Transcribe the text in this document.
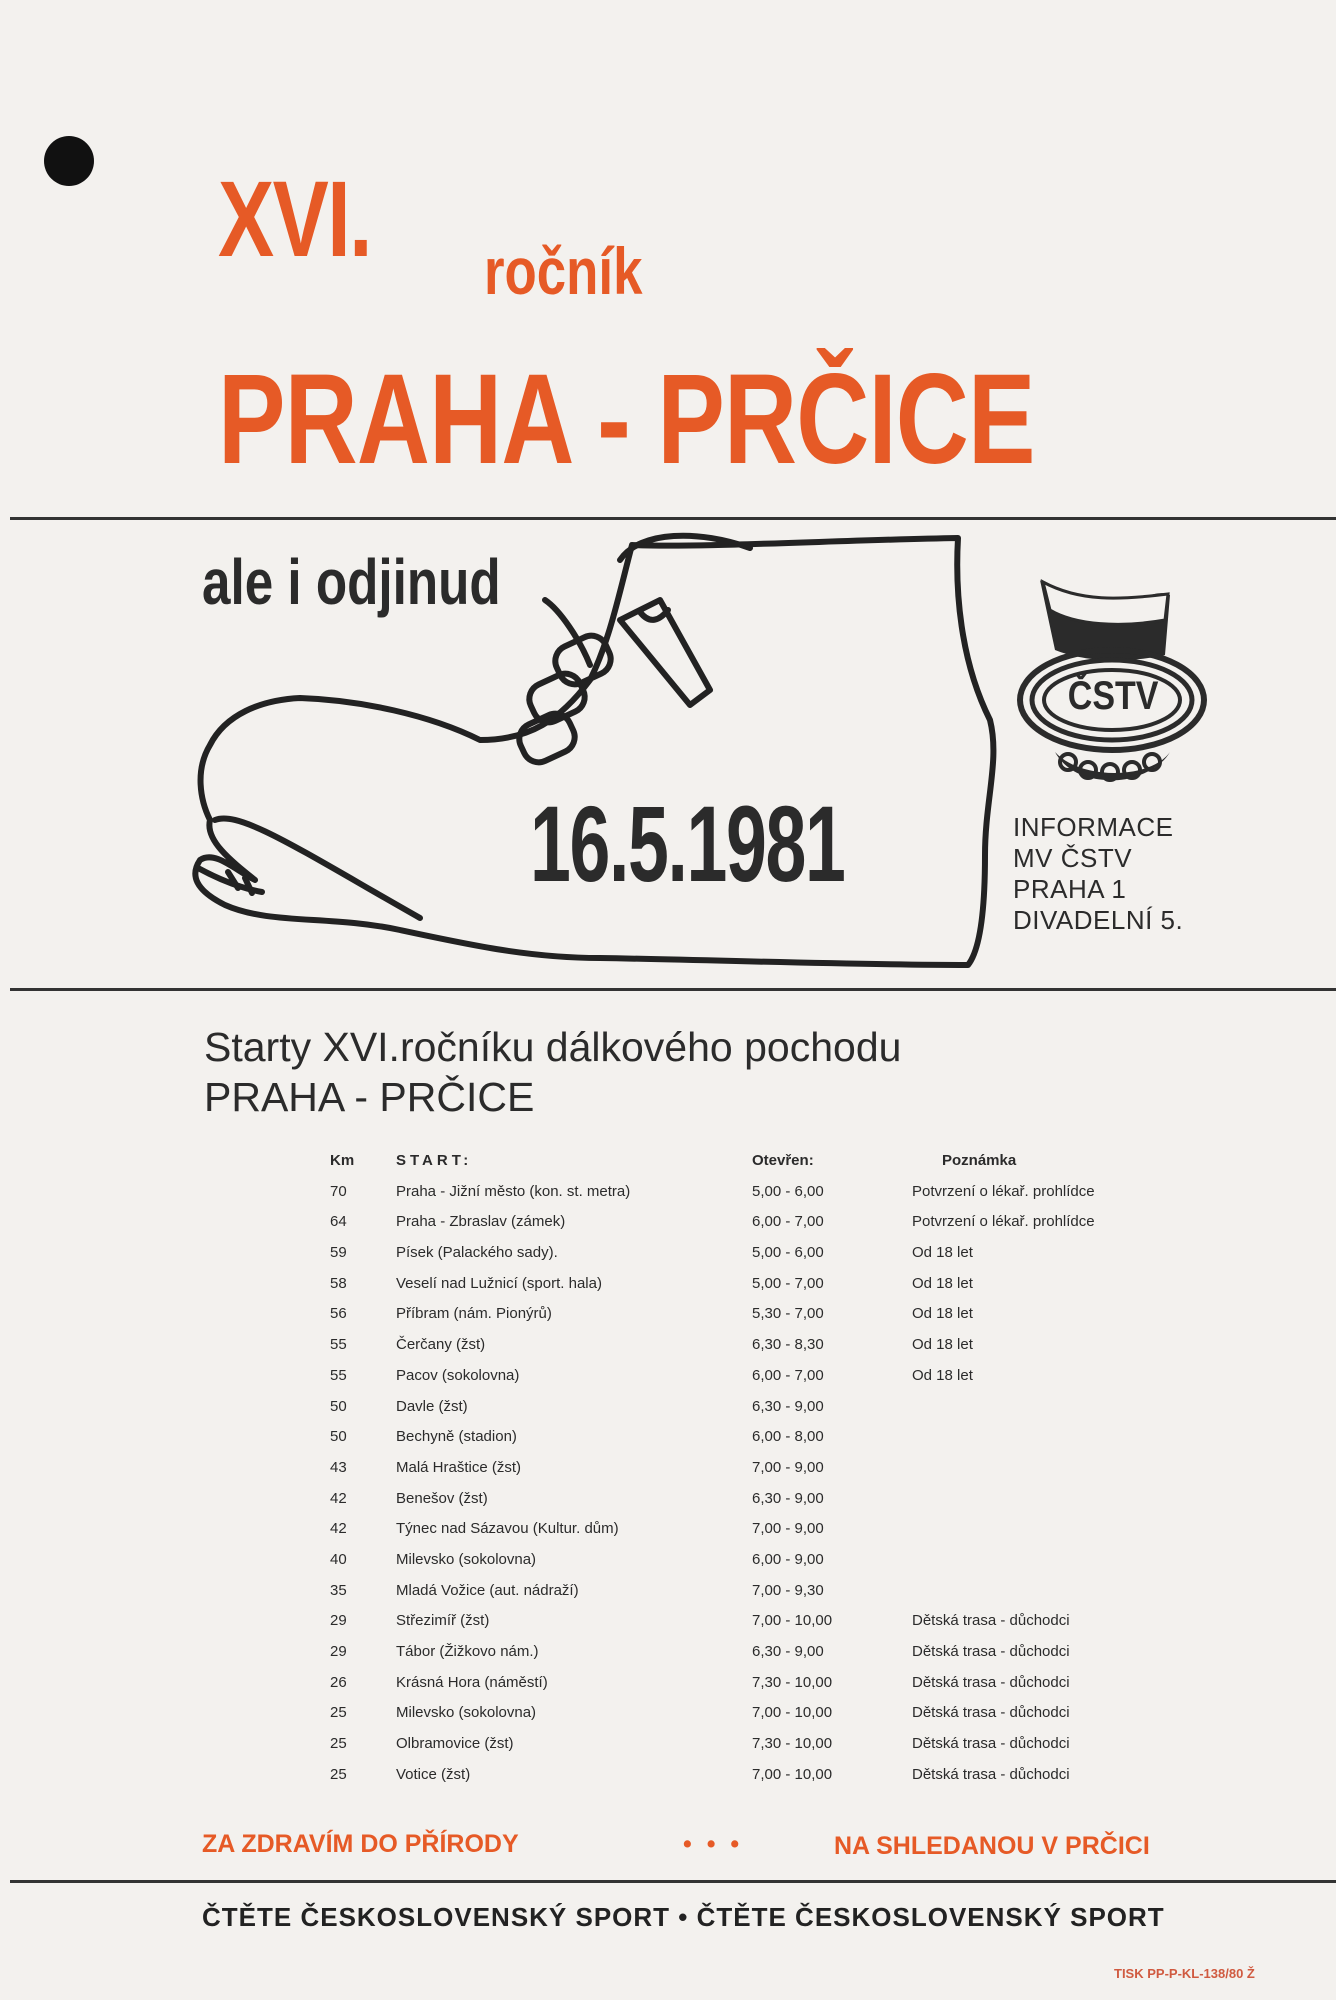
XVI. ročník
PRAHA - PRČICE
ale i odjinud
ČSTV
16.5.1981	INFORMACE
MV ČSTV
PRAHA 1
DIVADELNÍ 5.
Starty XVI.ročníku dálkového pochodu
PRAHA - PRČICE
Km	START:	Otevřen:	Poznámka
70	Praha - Jižní město (kon. st. metra)	5,00 - 6,00	Potvrzení o lékař. prohlídce
64	Praha - Zbraslav (zámek)	6,00 - 7,00	Potvrzení o lékař. prohlídce
59	Písek (Palackého sady).	5,00 - 6,00	Od 18 let
58	Veselí nad Lužnicí (sport. hala)	5,00 - 7,00	Od 18 let
56	Příbram (nám. Pionýrů)	5,30 - 7,00	Od 18 let
55	Čerčany (žst)	6,30 - 8,30	Od 18 let
55	Pacov (sokolovna)	6,00 - 7,00	Od 18 let
50	Davle (žst)	6,30 - 9,00
50	Bechyně (stadion)	6,00 - 8,00
43	Malá Hraštice (žst)	7,00 - 9,00
42	Benešov (žst)	6,30 - 9,00
42	Týnec nad Sázavou (Kultur. dům)	7,00 - 9,00
40	Milevsko (sokolovna)	6,00 - 9,00
35	Mladá Vožice (aut. nádraží)	7,00 - 9,30
29	Střezimíř (žst)	7,00 - 10,00	Dětská trasa - důchodci
29	Tábor (Žižkovo nám.)	6,30 - 9,00	Dětská trasa - důchodci
26	Krásná Hora (náměstí)	7,30 - 10,00	Dětská trasa - důchodci
25	Milevsko (sokolovna)	7,00 - 10,00	Dětská trasa - důchodci
25	Olbramovice (žst)	7,30 - 10,00	Dětská trasa - důchodci
25	Votice (žst)	7,00 - 10,00	Dětská trasa - důchodci
ZA ZDRAVÍM DO PŘÍRODY	• • •	NA SHLEDANOU V PRČICI
ČTĚTE ČESKOSLOVENSKÝ SPORT • ČTĚTE ČESKOSLOVENSKÝ SPORT
TISK PP-P-KL-138/80 Ž
